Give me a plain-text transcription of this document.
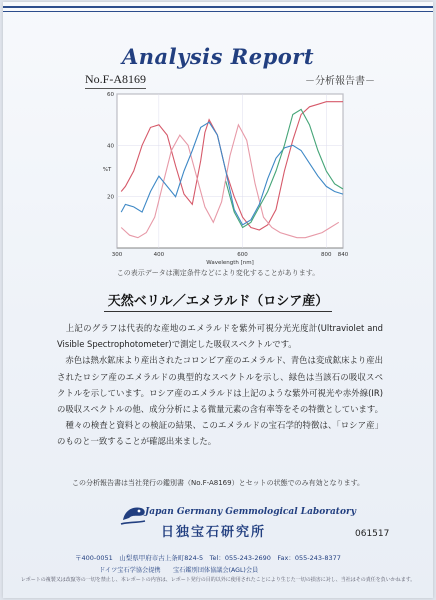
Analysis Report
No.F-A8169	－分析報告書－
300	400	600	800 840
20
40
60
Wavelength [nm]
%T
この表示データは測定条件などにより変化することがあります。
天然ベリル／エメラルド（ロシア産）

　上記のグラフは代表的な産地のエメラルドを紫外可視分光光度計(Ultraviolet and Visible Spectrophotometer)で測定した吸収スペクトルです。

　赤色は熱水鉱床より産出されたコロンビア産のエメラルド、青色は変成鉱床より産出されたロシア産のエメラルドの典型的なスペクトルを示し、緑色は当該石の吸収スペクトルを示しています。ロシア産のエメラルドは上記のような紫外可視光や赤外線(IR)の吸収スペクトルの他、成分分析による微量元素の含有率等をその特徴としています。

　種々の検査と資料との検証の結果、このエメラルドの宝石学的特徴は、「ロシア産」のものと一致することが確認出来ました。

この分析報告書は当社発行の鑑別書（No.F-A8169）とセットの状態でのみ有効となります。
Japan Germany Gemmological Laboratory
日独宝石研究所	061517
〒400-0051　山梨県甲府市古上条町824-5　Tel：055-243-2690　Fax：055-243-8377
ドイツ宝石学協会提携　　宝石鑑別団体協議会(AGL)会員
レポートの複製又は改竄等の一切を禁止し、本レポートの内容は、レポート発行の目的以外に使用されたことにより生じた一切の損害に対し、当社はその責任を負いかねます。
